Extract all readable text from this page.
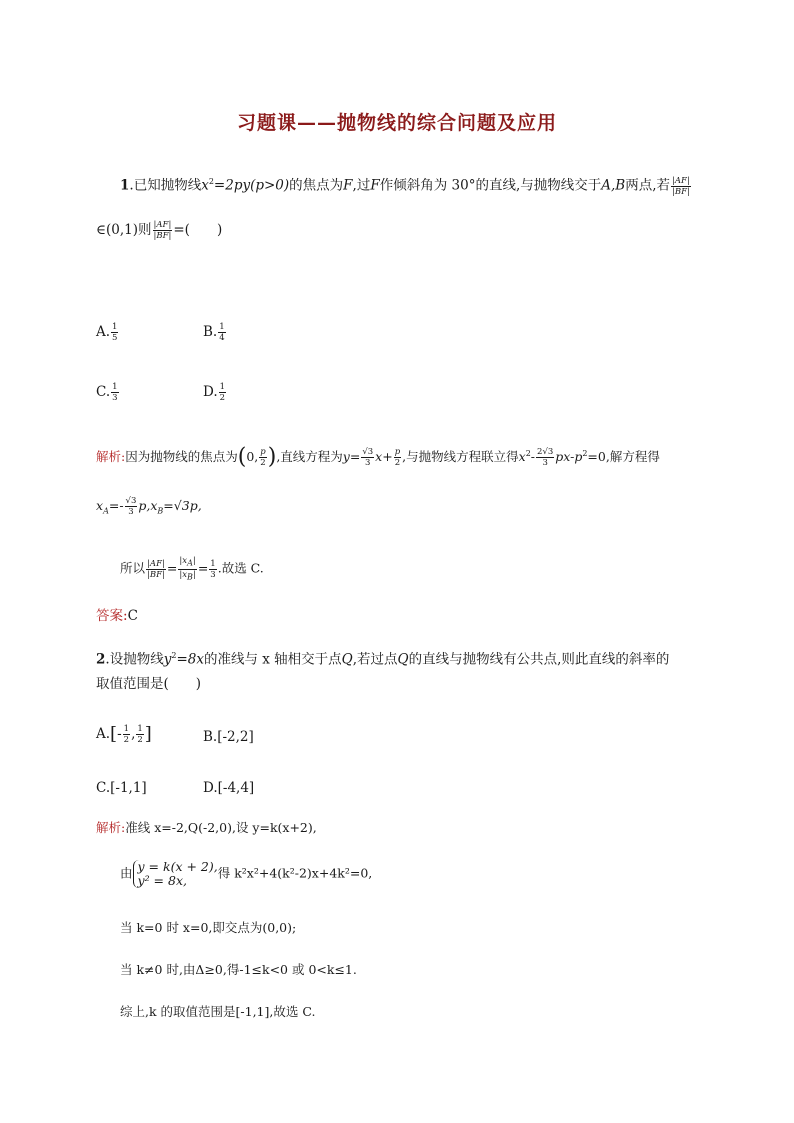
习题课——抛物线的综合问题及应用
1.已知抛物线$x^2=2py(p>0)$的焦点为F,过F作倾斜角为 30°的直线,与抛物线交于A,B两点,若 $\frac{|AF|}{|BF|}$
∈(0,1)则 $\frac{|AF|}{|BF|}$ =(　　)
A. $\frac{1}{5}$	B. $\frac{1}{4}$
C. $\frac{1}{3}$	D. $\frac{1}{2}$
解析:因为抛物线的焦点为(0, $\frac{p}{2}$ ),直线方程为$y= \frac{√3}{3} x+ \frac{p}{2}$ ,与抛物线方程联立得$x^2- \frac{2√3}{3} px-p^2=0$,解方程得
$x_A=- \frac{√3}{3} p,x_B=√3p$,
所以 $\frac{|AF|}{|BF|} = \frac{|xA|}{|xB|} = \frac{1}{3}$ .故选 C.
答案:C
2.设抛物线$y^2=8x$的准线与 x 轴相交于点Q,若过点Q的直线与抛物线有公共点,则此直线的斜率的
取值范围是(　　)
$A.[- \frac{1}{2}$ , $\frac{1}{2}$ ]	B.[-2,2]
C.[-1,1]	D.[-4,4]
解析:准线 x=-2,Q(-2,0),设 y=k(x+2),
由 y = k(x + 2),
y² = 8x,	得 k²x²+4(k²-2)x+4k²=0,
当 k=0 时 x=0,即交点为(0,0);
当 k≠0 时,由Δ≥0,得-1≤k<0 或 0<k≤1.
综上,k 的取值范围是[-1,1],故选 C.
